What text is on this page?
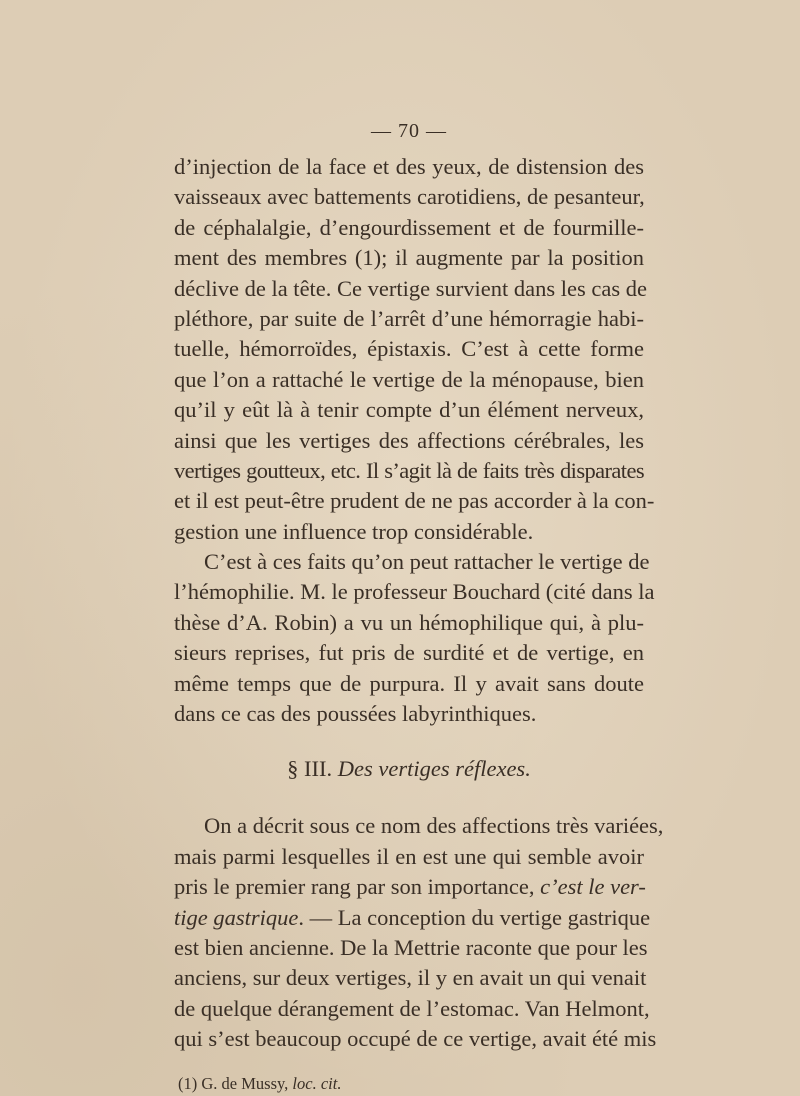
— 70 —
d’injection de la face et des yeux, de distension des
vaisseaux avec battements carotidiens, de pesanteur,
de céphalalgie, d’engourdissement et de fourmille-
ment des membres (1); il augmente par la position
déclive de la tête. Ce vertige survient dans les cas de
pléthore, par suite de l’arrêt d’une hémorragie habi-
tuelle, hémorroïdes, épistaxis. C’est à cette forme
que l’on a rattaché le vertige de la ménopause, bien
qu’il y eût là à tenir compte d’un élément nerveux,
ainsi que les vertiges des affections cérébrales, les
vertiges goutteux, etc. Il s’agit là de faits très disparates
et il est peut-être prudent de ne pas accorder à la con-
gestion une influence trop considérable.
C’est à ces faits qu’on peut rattacher le vertige de
l’hémophilie. M. le professeur Bouchard (cité dans la
thèse d’A. Robin) a vu un hémophilique qui, à plu-
sieurs reprises, fut pris de surdité et de vertige, en
même temps que de purpura. Il y avait sans doute
dans ce cas des poussées labyrinthiques.
§ III. Des vertiges réflexes.
On a décrit sous ce nom des affections très variées,
mais parmi lesquelles il en est une qui semble avoir
pris le premier rang par son importance, c’est le ver-
tige gastrique. — La conception du vertige gastrique
est bien ancienne. De la Mettrie raconte que pour les
anciens, sur deux vertiges, il y en avait un qui venait
de quelque dérangement de l’estomac. Van Helmont,
qui s’est beaucoup occupé de ce vertige, avait été mis
(1) G. de Mussy, loc. cit.
